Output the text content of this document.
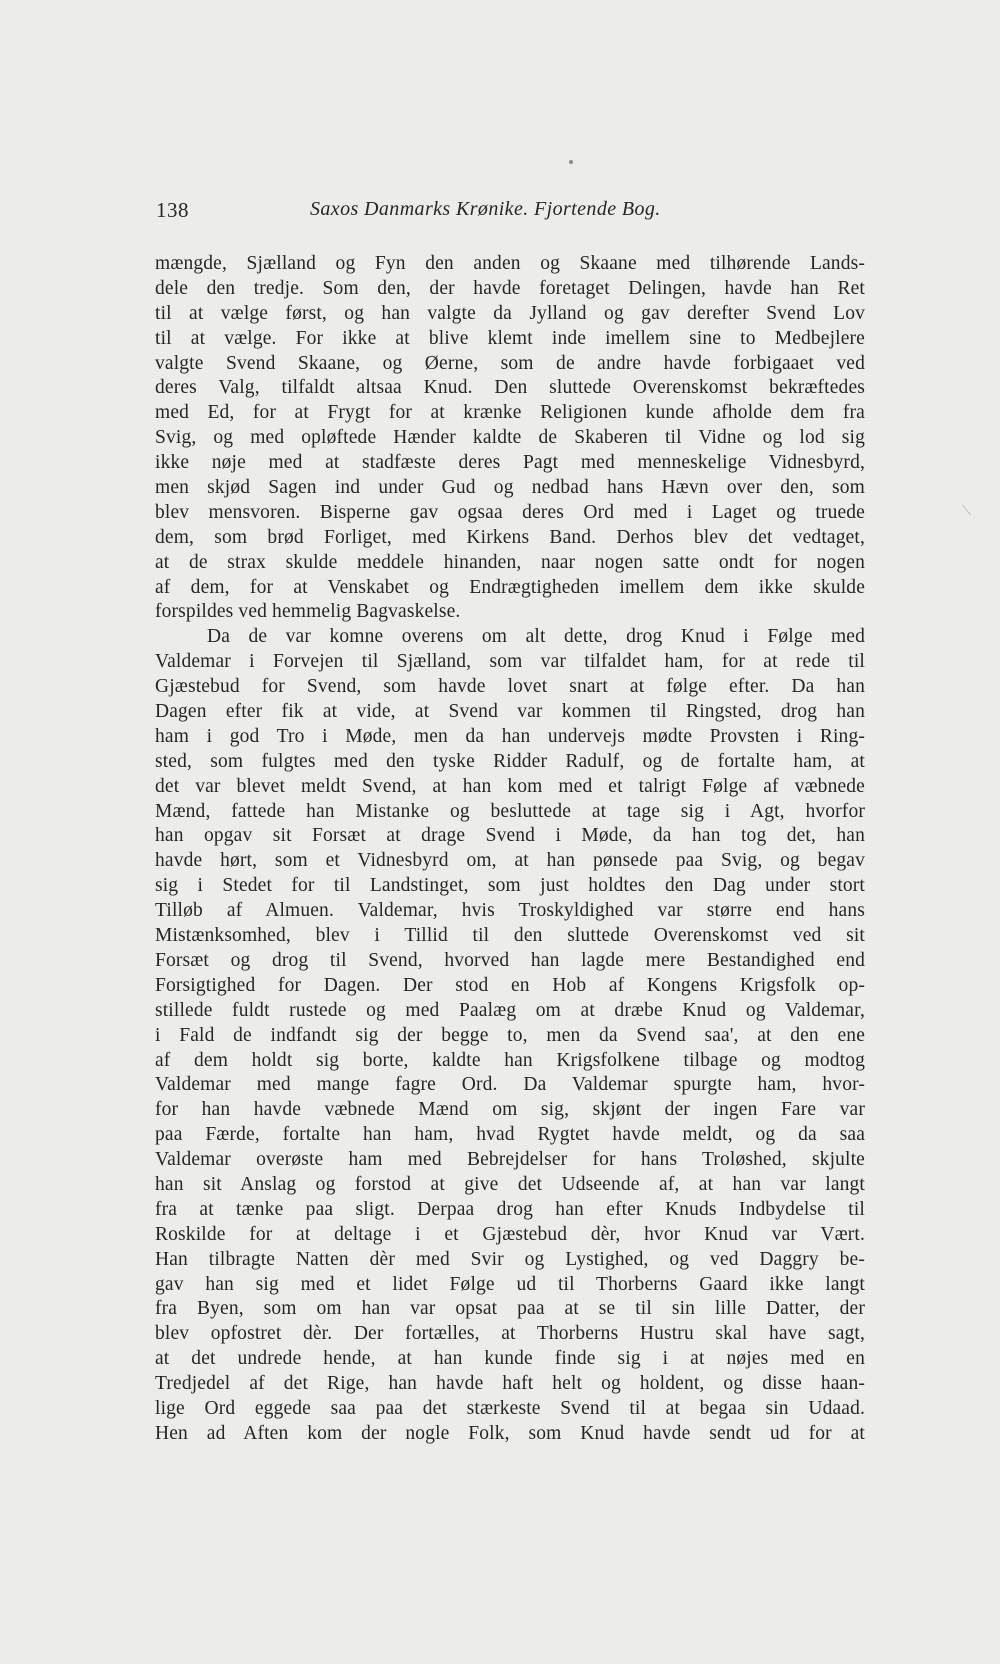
138	Saxos Danmarks Krønike. Fjortende Bog.
mængde, Sjælland og Fyn den anden og Skaane med tilhørende Lands-
dele den tredje. Som den, der havde foretaget Delingen, havde han Ret
til at vælge først, og han valgte da Jylland og gav derefter Svend Lov
til at vælge. For ikke at blive klemt inde imellem sine to Medbejlere
valgte Svend Skaane, og Øerne, som de andre havde forbigaaet ved
deres Valg, tilfaldt altsaa Knud. Den sluttede Overenskomst bekræftedes
med Ed, for at Frygt for at krænke Religionen kunde afholde dem fra
Svig, og med opløftede Hænder kaldte de Skaberen til Vidne og lod sig
ikke nøje med at stadfæste deres Pagt med menneskelige Vidnesbyrd,
men skjød Sagen ind under Gud og nedbad hans Hævn over den, som
blev mensvoren. Bisperne gav ogsaa deres Ord med i Laget og truede
dem, som brød Forliget, med Kirkens Band. Derhos blev det vedtaget,
at de strax skulde meddele hinanden, naar nogen satte ondt for nogen
af dem, for at Venskabet og Endrægtigheden imellem dem ikke skulde
forspildes ved hemmelig Bagvaskelse.
Da de var komne overens om alt dette, drog Knud i Følge med
Valdemar i Forvejen til Sjælland, som var tilfaldet ham, for at rede til
Gjæstebud for Svend, som havde lovet snart at følge efter. Da han
Dagen efter fik at vide, at Svend var kommen til Ringsted, drog han
ham i god Tro i Møde, men da han undervejs mødte Provsten i Ring-
sted, som fulgtes med den tyske Ridder Radulf, og de fortalte ham, at
det var blevet meldt Svend, at han kom med et talrigt Følge af væbnede
Mænd, fattede han Mistanke og besluttede at tage sig i Agt, hvorfor
han opgav sit Forsæt at drage Svend i Møde, da han tog det, han
havde hørt, som et Vidnesbyrd om, at han pønsede paa Svig, og begav
sig i Stedet for til Landstinget, som just holdtes den Dag under stort
Tilløb af Almuen. Valdemar, hvis Troskyldighed var større end hans
Mistænksomhed, blev i Tillid til den sluttede Overenskomst ved sit
Forsæt og drog til Svend, hvorved han lagde mere Bestandighed end
Forsigtighed for Dagen. Der stod en Hob af Kongens Krigsfolk op-
stillede fuldt rustede og med Paalæg om at dræbe Knud og Valdemar,
i Fald de indfandt sig der begge to, men da Svend saa', at den ene
af dem holdt sig borte, kaldte han Krigsfolkene tilbage og modtog
Valdemar med mange fagre Ord. Da Valdemar spurgte ham, hvor-
for han havde væbnede Mænd om sig, skjønt der ingen Fare var
paa Færde, fortalte han ham, hvad Rygtet havde meldt, og da saa
Valdemar overøste ham med Bebrejdelser for hans Troløshed, skjulte
han sit Anslag og forstod at give det Udseende af, at han var langt
fra at tænke paa sligt. Derpaa drog han efter Knuds Indbydelse til
Roskilde for at deltage i et Gjæstebud dèr, hvor Knud var Vært.
Han tilbragte Natten dèr med Svir og Lystighed, og ved Daggry be-
gav han sig med et lidet Følge ud til Thorberns Gaard ikke langt
fra Byen, som om han var opsat paa at se til sin lille Datter, der
blev opfostret dèr. Der fortælles, at Thorberns Hustru skal have sagt,
at det undrede hende, at han kunde finde sig i at nøjes med en
Tredjedel af det Rige, han havde haft helt og holdent, og disse haan-
lige Ord eggede saa paa det stærkeste Svend til at begaa sin Udaad.
Hen ad Aften kom der nogle Folk, som Knud havde sendt ud for at
